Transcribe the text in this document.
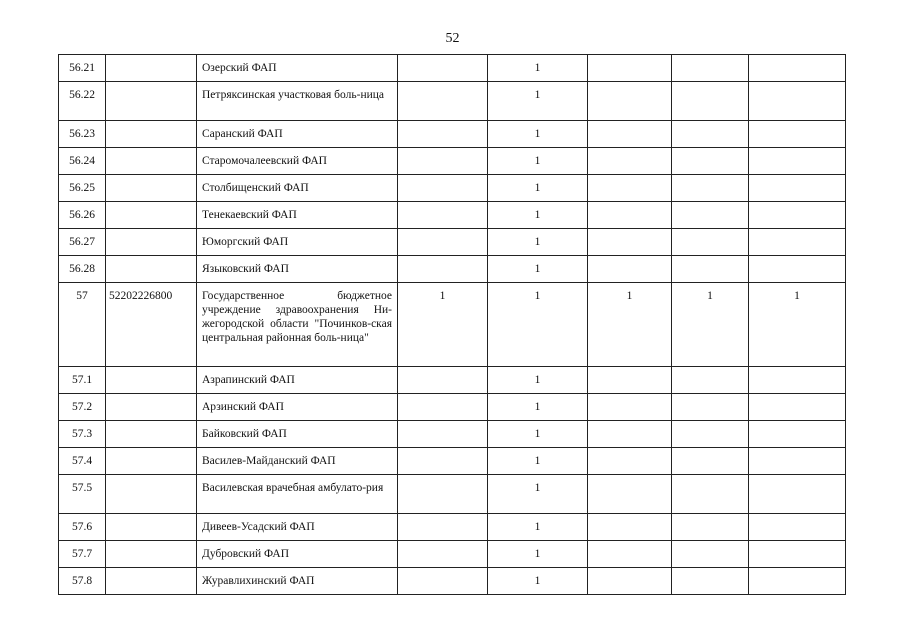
52
56.21		Озерский ФАП		1			
56.22		Петряксинская участковая боль-ница		1			
56.23		Саранский ФАП		1			
56.24		Старомочалеевский ФАП		1			
56.25		Столбищенский ФАП		1			
56.26		Тенекаевский ФАП		1			
56.27		Юморгский ФАП		1			
56.28		Языковский ФАП		1			
57	52202226800	Государственное бюджетное учреждение здравоохранения Ни-жегородской области "Починков-ская центральная районная боль-ница"	1	1	1	1	1
57.1		Азрапинский ФАП		1			
57.2		Арзинский ФАП		1			
57.3		Байковский ФАП		1			
57.4		Василев-Майданский ФАП		1			
57.5		Василевская врачебная амбулато-рия		1			
57.6		Дивеев-Усадский ФАП		1			
57.7		Дубровский ФАП		1			
57.8		Журавлихинский ФАП		1			
